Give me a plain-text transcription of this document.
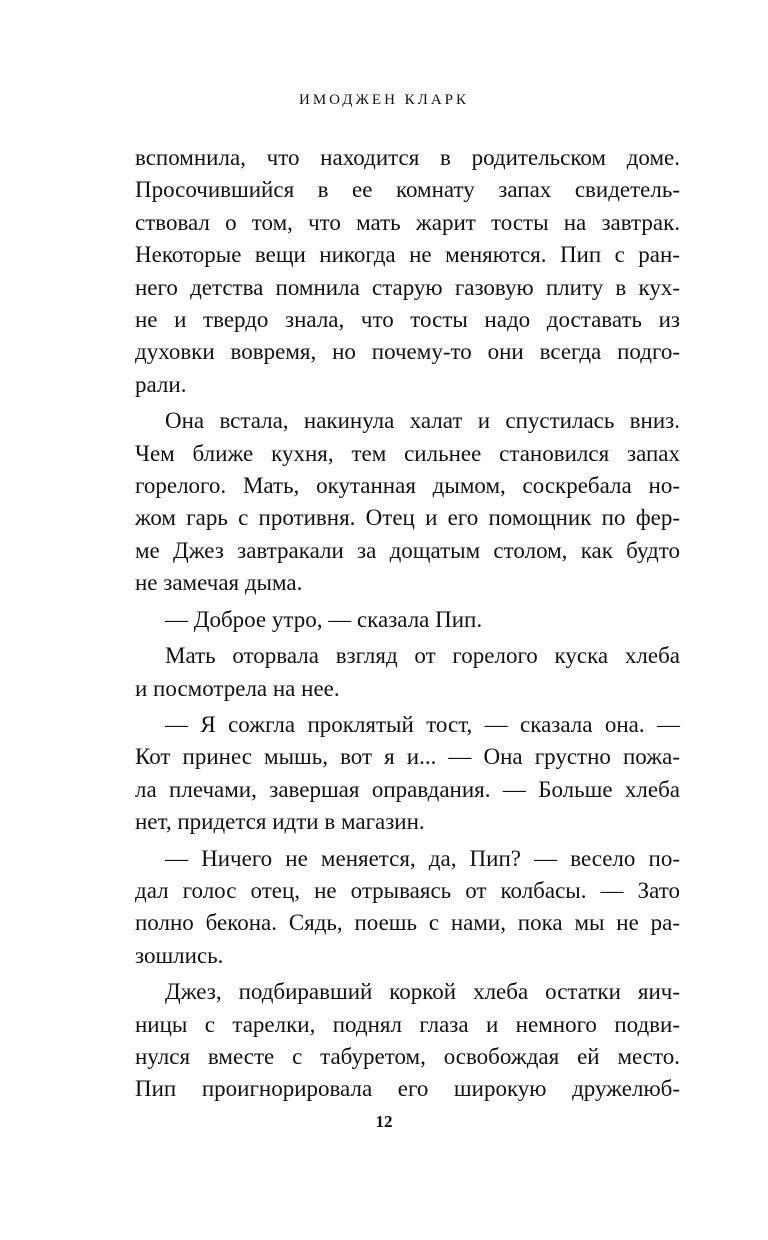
ИМОДЖЕН КЛАРК
вспомнила, что находится в родительском доме.
Просочившийся в ее комнату запах свидетель-
ствовал о том, что мать жарит тосты на завтрак.
Некоторые вещи никогда не меняются. Пип с ран-
него детства помнила старую газовую плиту в кух-
не и твердо знала, что тосты надо доставать из
духовки вовремя, но почему-то они всегда подго-
рали.
Она встала, накинула халат и спустилась вниз.
Чем ближе кухня, тем сильнее становился запах
горелого. Мать, окутанная дымом, соскребала но-
жом гарь с противня. Отец и его помощник по фер-
ме Джез завтракали за дощатым столом, как будто
не замечая дыма.
— Доброе утро, — сказала Пип.
Мать оторвала взгляд от горелого куска хлеба
и посмотрела на нее.
— Я сожгла проклятый тост, — сказала она. —
Кот принес мышь, вот я и... — Она грустно пожа-
ла плечами, завершая оправдания. — Больше хлеба
нет, придется идти в магазин.
— Ничего не меняется, да, Пип? — весело по-
дал голос отец, не отрываясь от колбасы. — Зато
полно бекона. Сядь, поешь с нами, пока мы не ра-
зошлись.
Джез, подбиравший коркой хлеба остатки яич-
ницы с тарелки, поднял глаза и немного подви-
нулся вместе с табуретом, освобождая ей место.
Пип проигнорировала его широкую дружелюб-
12
